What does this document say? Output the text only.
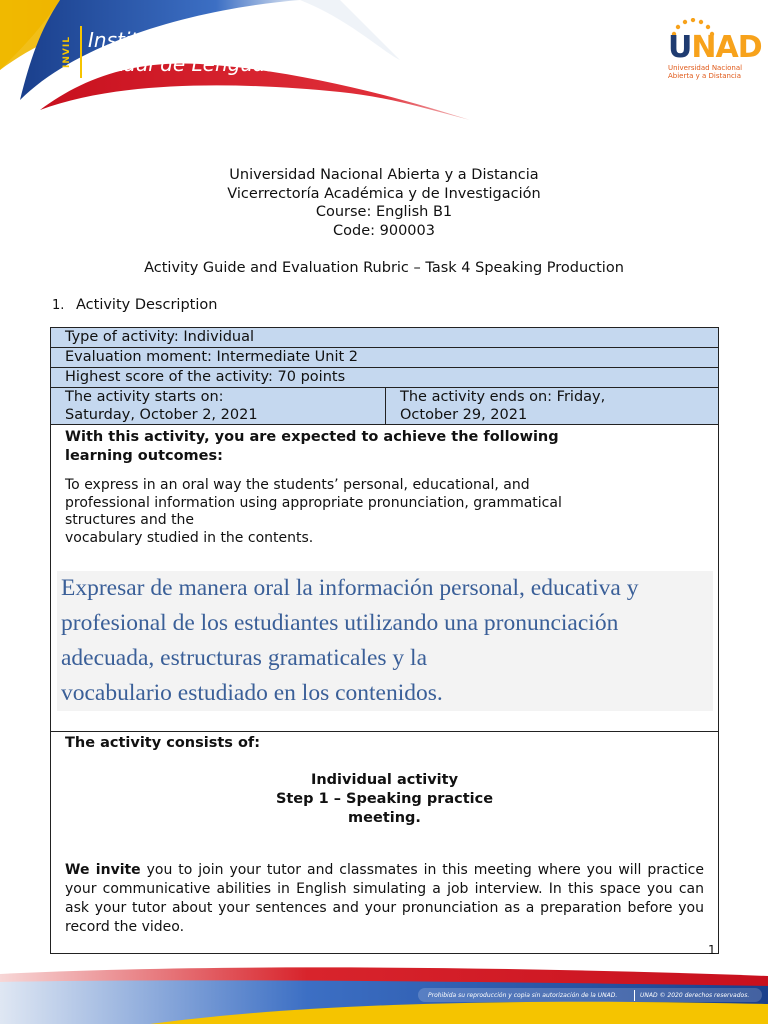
INVIL Instituto
Virtual de Lenguas	UNAD
Universidad Nacional
Abierta y a Distancia
Universidad Nacional Abierta y a Distancia
Vicerrectoría Académica y de Investigación
Course: English B1
Code: 900003
Activity Guide and Evaluation Rubric – Task 4 Speaking Production
1. Activity Description
Type of activity: Individual
Evaluation moment: Intermediate Unit 2
Highest score of the activity: 70 points
The activity starts on:
Saturday, October 2, 2021
The activity ends on: Friday,
October 29, 2021
With this activity, you are expected to achieve the following
learning outcomes:
To express in an oral way the students’ personal, educational, and
professional information using appropriate pronunciation, grammatical
structures and the
vocabulary studied in the contents.
Expresar de manera oral la información personal, educativa y
profesional de los estudiantes utilizando una pronunciación
adecuada, estructuras gramaticales y la
vocabulario estudiado en los contenidos.
The activity consists of:
Individual activity
Step 1 – Speaking practice
meeting.
We invite you to join your tutor and classmates in this meeting where you will practice your communicative abilities in English simulating a job interview. In this space you can ask your tutor about your sentences and your pronunciation as a preparation before you record the video.
1
Prohibida su reproducción y copia sin autorización de la UNAD.	UNAD © 2020 derechos reservados.
